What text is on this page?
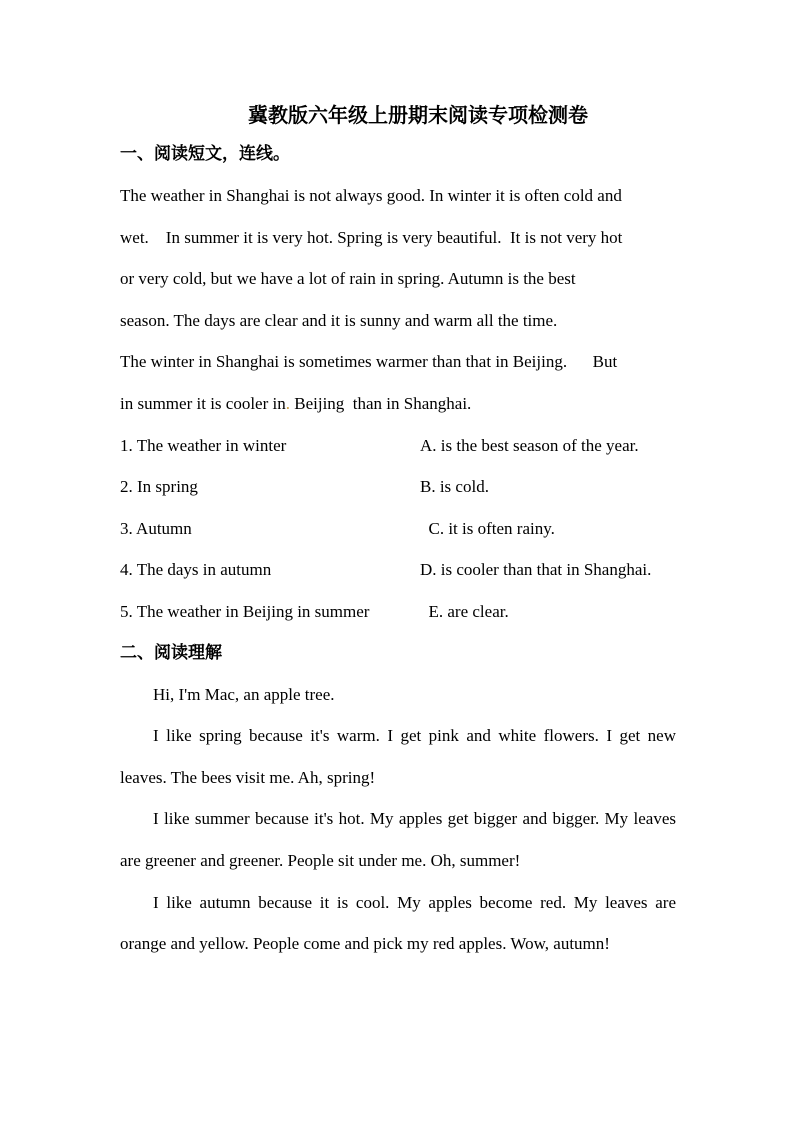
冀教版六年级上册期末阅读专项检测卷
一、阅读短文，连线。
The weather in Shanghai is not always good. In winter it is often cold and
wet.    In summer it is very hot. Spring is very beautiful.  It is not very hot
or very cold, but we have a lot of rain in spring. Autumn is the best
season. The days are clear and it is sunny and warm all the time.
The winter in Shanghai is sometimes warmer than that in Beijing.      But
in summer it is cooler in. Beijing  than in Shanghai.
1. The weather in winter	A. is the best season of the year.
2. In spring	B. is cold.
3. Autumn	C. it is often rainy.
4. The days in autumn	D. is cooler than that in Shanghai.
5. The weather in Beijing in summer	E. are clear.
二、阅读理解

Hi, I'm Mac, an apple tree.

I like spring because it's warm. I get pink and white flowers. I get new leaves. The bees visit me. Ah, spring!

I like summer because it's hot. My apples get bigger and bigger. My leaves are greener and greener. People sit under me. Oh, summer!

I like autumn because it is cool. My apples become red. My leaves are orange and yellow. People come and pick my red apples. Wow, autumn!
